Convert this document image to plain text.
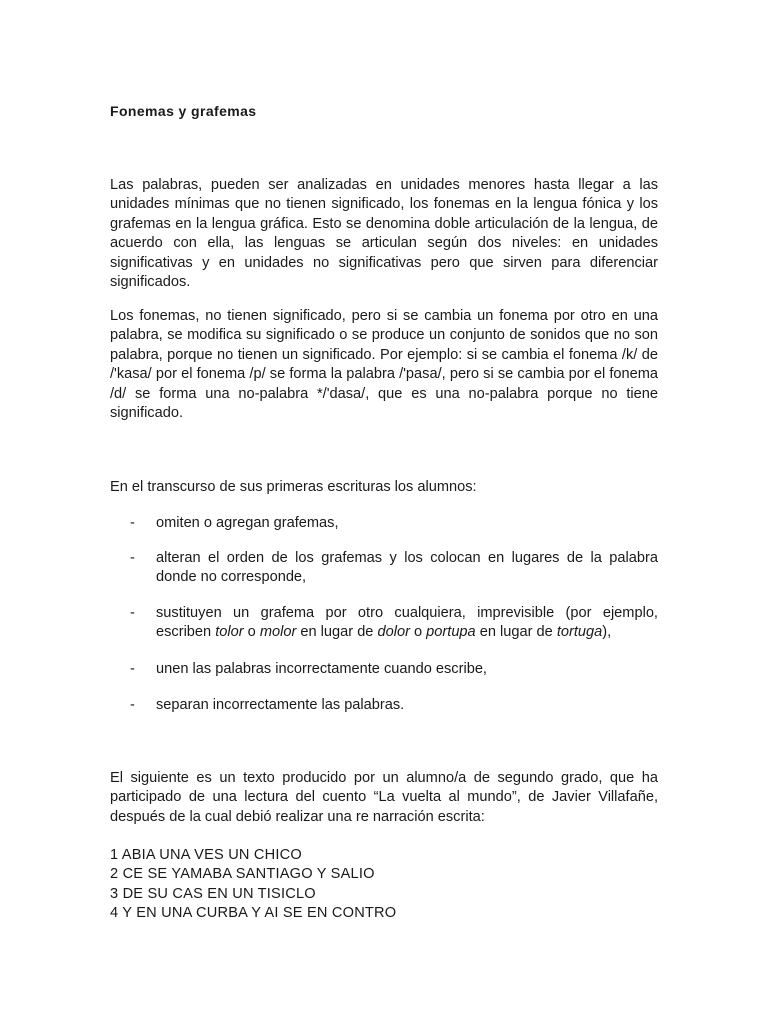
Fonemas y grafemas

Las palabras, pueden ser analizadas en unidades menores hasta llegar a las unidades mínimas que no tienen significado, los fonemas en la lengua fónica y los grafemas en la lengua gráfica. Esto se denomina doble articulación de la lengua, de acuerdo con ella, las lenguas se articulan según dos niveles: en unidades significativas y en unidades no significativas pero que sirven para diferenciar significados.

Los fonemas, no tienen significado, pero si se cambia un fonema por otro en una palabra, se modifica su significado o se produce un conjunto de sonidos que no son palabra, porque no tienen un significado. Por ejemplo: si se cambia el fonema /k/ de /'kasa/ por el fonema /p/ se forma la palabra /'pasa/, pero si se cambia por el fonema /d/ se forma una no-palabra */'dasa/, que es una no-palabra porque no tiene significado.

En el transcurso de sus primeras escrituras los alumnos:

- omiten o agregan grafemas,
- alteran el orden de los grafemas y los colocan en lugares de la palabra donde no corresponde,
- sustituyen un grafema por otro cualquiera, imprevisible (por ejemplo, escriben tolor o molor en lugar de dolor o portupa en lugar de tortuga),
- unen las palabras incorrectamente cuando escribe,
- separan incorrectamente las palabras.

El siguiente es un texto producido por un alumno/a de segundo grado, que ha participado de una lectura del cuento “La vuelta al mundo”, de Javier Villafañe, después de la cual debió realizar una re narración escrita:

1 ABIA UNA VES UN CHICO
2 CE SE YAMABA SANTIAGO Y SALIO
3 DE SU CAS EN UN TISICLO
4 Y EN UNA CURBA Y AI SE EN CONTRO
